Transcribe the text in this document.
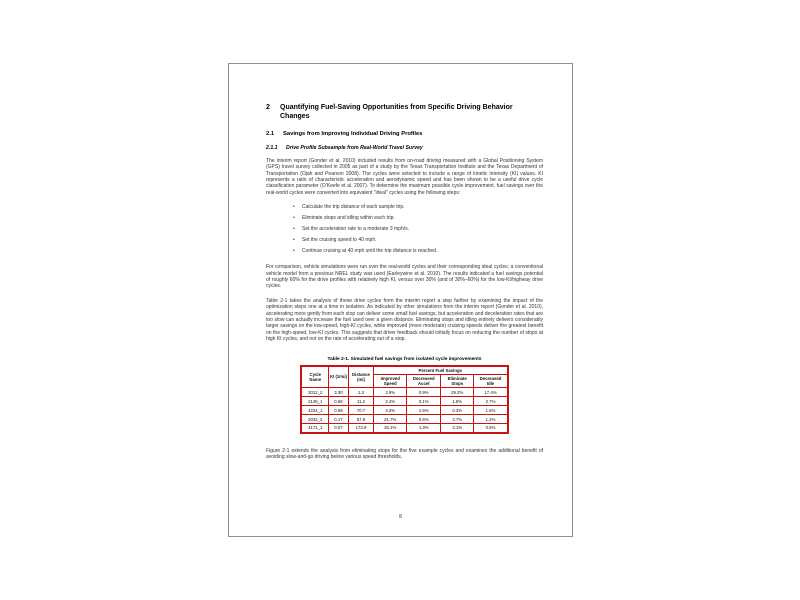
2	Quantifying Fuel-Saving Opportunities from Specific Driving Behavior Changes
2.1	Savings from Improving Individual Driving Profiles
2.1.1	Drive Profile Subsample from Real-World Travel Survey

The interim report (Gonder et al. 2010) included results from on-road driving measured with a Global Positioning System (GPS) travel survey collected in 2005 as part of a study by the Texas Transportation Institute and the Texas Department of Transportation (Ojah and Pearson 2008). The cycles were selected to include a range of kinetic intensity (KI) values. KI represents a ratio of characteristic acceleration and aerodynamic speed and has been shown to be a useful drive cycle classification parameter (O'Keefe et al. 2007). To determine the maximum possible cycle improvement, fuel savings over the real-world cycles were converted into equivalent “ideal” cycles using the following steps:

• Calculate the trip distance of each sample trip.
• Eliminate stops and idling within each trip.
• Set the acceleration rate to a moderate 3 mph/s.
• Set the cruising speed to 40 mph.
• Continue cruising at 40 mph until the trip distance is reached.

For comparison, vehicle simulations were run over the real-world cycles and their corresponding ideal cycles; a conventional vehicle model from a previous NREL study was used (Earleywine et al. 2010). The results indicated a fuel savings potential of roughly 60% for the drive profiles with relatively high KI, versus over 30% (and of 30%–60%) for the low-KI/highway drive cycles.

Table 2-1 takes the analysis of these drive cycles from the interim report a step further by examining the impact of the optimization steps one at a time in isolation. As indicated by other simulations from the interim report (Gonder et al. 2010), accelerating more gently from each stop can deliver some small fuel savings, but acceleration and deceleration rates that are too slow can actually increase the fuel used over a given distance. Eliminating stops and idling entirely delivers considerably larger savings on the low-speed, high-KI cycles, while improved (more moderate) cruising speeds deliver the greatest benefit on the high-speed, low-KI cycles. This suggests that driver feedback should initially focus on reducing the number of stops at high KI cycles, and not on the rate of accelerating out of a stop.

Table 2-1. Simulated fuel savings from isolated cycle improvements
Cycle Name	KI (1/mi)	Distance (mi)	Percent Fuel Savings			
			Improved Speed	Decreased Accel	Eliminate Stops	Decreased Idle
2012_2	3.30	1.3	2.9%	0.9%	29.2%	17.4%
2145_1	0.68	11.2	2.4%	0.1%	1.5%	2.7%
4234_1	0.59	70.7	3.3%	1.5%	0.3%	1.5%
2032_2	0.17	57.8	21.7%	0.5%	2.7%	1.2%
4171_1	0.07	173.9	26.1%	1.3%	2.1%	0.5%

Figure 2-1 extends the analysis from eliminating stops for the five example cycles and examines the additional benefit of avoiding slow-and-go driving below various speed thresholds.

8
